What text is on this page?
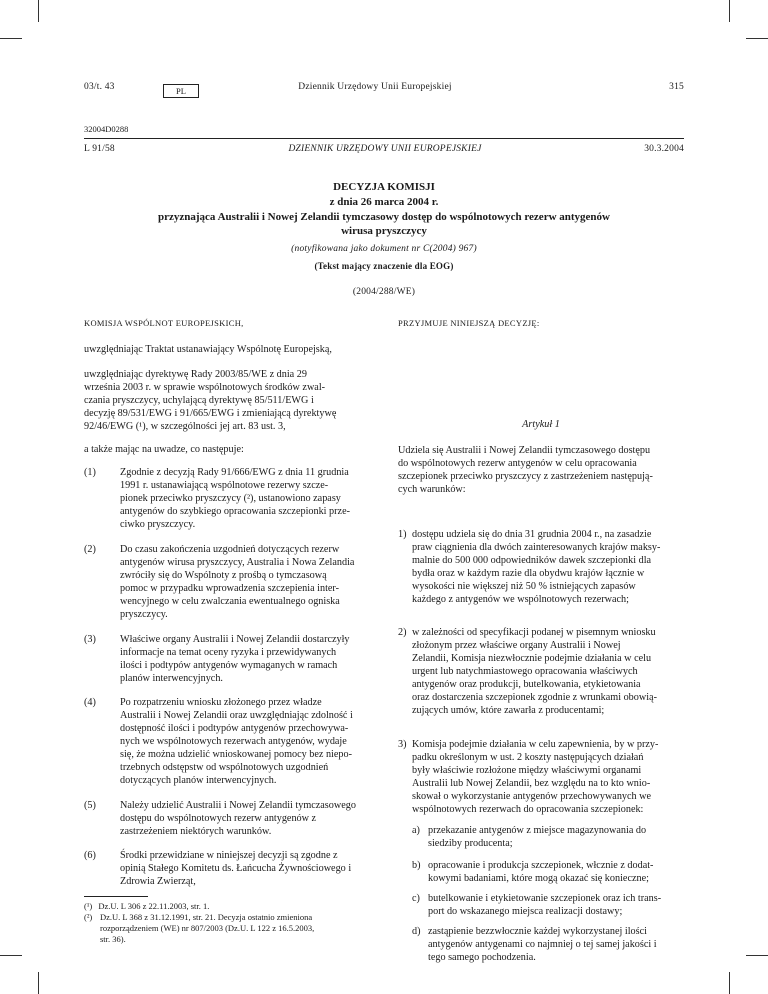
03/t. 43	PL	Dziennik Urzędowy Unii Europejskiej	315
32004D0288
L 91/58	DZIENNIK URZĘDOWY UNII EUROPEJSKIEJ	30.3.2004
DECYZJA KOMISJI
z dnia 26 marca 2004 r.
przyznająca Australii i Nowej Zelandii tymczasowy dostęp do wspólnotowych rezerw antygenów
wirusa pryszczycy
(notyfikowana jako dokument nr C(2004) 967)
(Tekst mający znaczenie dla EOG)
(2004/288/WE)
KOMISJA WSPÓLNOT EUROPEJSKICH,
uwzględniając Traktat ustanawiający Wspólnotę Europejską,
uwzględniając dyrektywę Rady 2003/85/WE z dnia 29
września 2003 r. w sprawie wspólnotowych środków zwal-
czania pryszczycy, uchylającą dyrektywę 85/511/EWG i
decyzję 89/531/EWG i 91/665/EWG i zmieniającą dyrektywę
92/46/EWG (¹), w szczególności jej art. 83 ust. 3,
a także mając na uwadze, co następuje:
(1) Zgodnie z decyzją Rady 91/666/EWG z dnia 11 grudnia
1991 r. ustanawiającą wspólnotowe rezerwy szcze-
pionek przeciwko pryszczycy (²), ustanowiono zapasy
antygenów do szybkiego opracowania szczepionki prze-
ciwko pryszczycy.
(2) Do czasu zakończenia uzgodnień dotyczących rezerw
antygenów wirusa pryszczycy, Australia i Nowa Zelandia
zwróciły się do Wspólnoty z prośbą o tymczasową
pomoc w przypadku wprowadzenia szczepienia inter-
wencyjnego w celu zwalczania ewentualnego ogniska
pryszczycy.
(3) Właściwe organy Australii i Nowej Zelandii dostarczyły
informacje na temat oceny ryzyka i przewidywanych
ilości i podtypów antygenów wymaganych w ramach
planów interwencyjnych.
(4) Po rozpatrzeniu wniosku złożonego przez władze
Australii i Nowej Zelandii oraz uwzględniając zdolność i
dostępność ilości i podtypów antygenów przechowywa-
nych we wspólnotowych rezerwach antygenów, wydaje
się, że można udzielić wnioskowanej pomocy bez niepo-
trzebnych odstępstw od wspólnotowych uzgodnień
dotyczących planów interwencyjnych.
(5) Należy udzielić Australii i Nowej Zelandii tymczasowego
dostępu do wspólnotowych rezerw antygenów z
zastrzeżeniem niektórych warunków.
(6) Środki przewidziane w niniejszej decyzji są zgodne z
opinią Stałego Komitetu ds. Łańcucha Żywnościowego i
Zdrowia Zwierząt,
(¹) Dz.U. L 306 z 22.11.2003, str. 1.
(²) Dz.U. L 368 z 31.12.1991, str. 21. Decyzja ostatnio zmieniona
rozporządzeniem (WE) nr 807/2003 (Dz.U. L 122 z 16.5.2003,
str. 36).
PRZYJMUJE NINIEJSZĄ DECYZJĘ:
Artykuł 1
Udziela się Australii i Nowej Zelandii tymczasowego dostępu
do wspólnotowych rezerw antygenów w celu opracowania
szczepionek przeciwko pryszczycy z zastrzeżeniem następują-
cych warunków:
1) dostępu udziela się do dnia 31 grudnia 2004 r., na zasadzie
praw ciągnienia dla dwóch zainteresowanych krajów maksy-
malnie do 500 000 odpowiedników dawek szczepionki dla
bydła oraz w każdym razie dla obydwu krajów łącznie w
wysokości nie większej niż 50 % istniejących zapasów
każdego z antygenów we wspólnotowych rezerwach;
2) w zależności od specyfikacji podanej w pisemnym wniosku
złożonym przez właściwe organy Australii i Nowej
Zelandii, Komisja niezwłocznie podejmie działania w celu
urgent lub natychmiastowego opracowania właściwych
antygenów oraz produkcji, butelkowania, etykietowania
oraz dostarczenia szczepionek zgodnie z wrunkami obowią-
zujących umów, które zawarła z producentami;
3) Komisja podejmie działania w celu zapewnienia, by w przy-
padku określonym w ust. 2 koszty następujących działań
były właściwie rozłożone między właściwymi organami
Australii lub Nowej Zelandii, bez względu na to kto wnio-
skował o wykorzystanie antygenów przechowywanych we
wspólnotowych rezerwach do opracowania szczepionek:
a) przekazanie antygenów z miejsce magazynowania do
siedziby producenta;
b) opracowanie i produkcja szczepionek, włcznie z dodat-
kowymi badaniami, które mogą okazać się konieczne;
c) butelkowanie i etykietowanie szczepionek oraz ich trans-
port do wskazanego miejsca realizacji dostawy;
d) zastąpienie bezzwłocznie każdej wykorzystanej ilości
antygenów antygenami co najmniej o tej samej jakości i
tego samego pochodzenia.
